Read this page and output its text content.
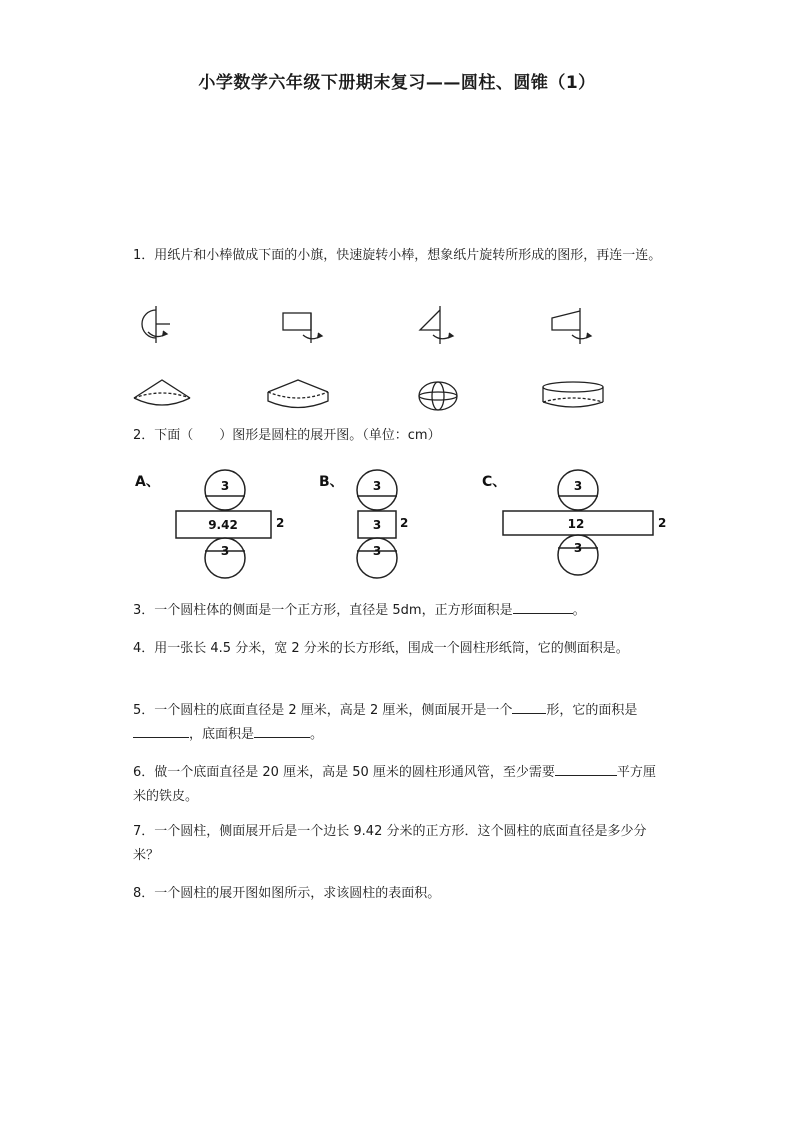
小学数学六年级下册期末复习——圆柱、圆锥（1）
1．用纸片和小棒做成下面的小旗，快速旋转小棒，想象纸片旋转所形成的图形，再连一连。
2．下面（　　）图形是圆柱的展开图。（单位：cm）
A、	3
9.42	2
3
B、 3
3 2
3
C、	3
12	2
3
3．一个圆柱体的侧面是一个正方形，直径是 5dm，正方形面积是	。
4．用一张长 4.5 分米，宽 2 分米的长方形纸，围成一个圆柱形纸筒，它的侧面积是。
5．一个圆柱的底面直径是 2 厘米，高是 2 厘米，侧面展开是一个	形，它的面积是，底面积是	。
6．做一个底面直径是 20 厘米，高是 50 厘米的圆柱形通风管，至少需要	平方厘米的铁皮。
7．一个圆柱，侧面展开后是一个边长 9.42 分米的正方形．这个圆柱的底面直径是多少分米？
8．一个圆柱的展开图如图所示，求该圆柱的表面积。
